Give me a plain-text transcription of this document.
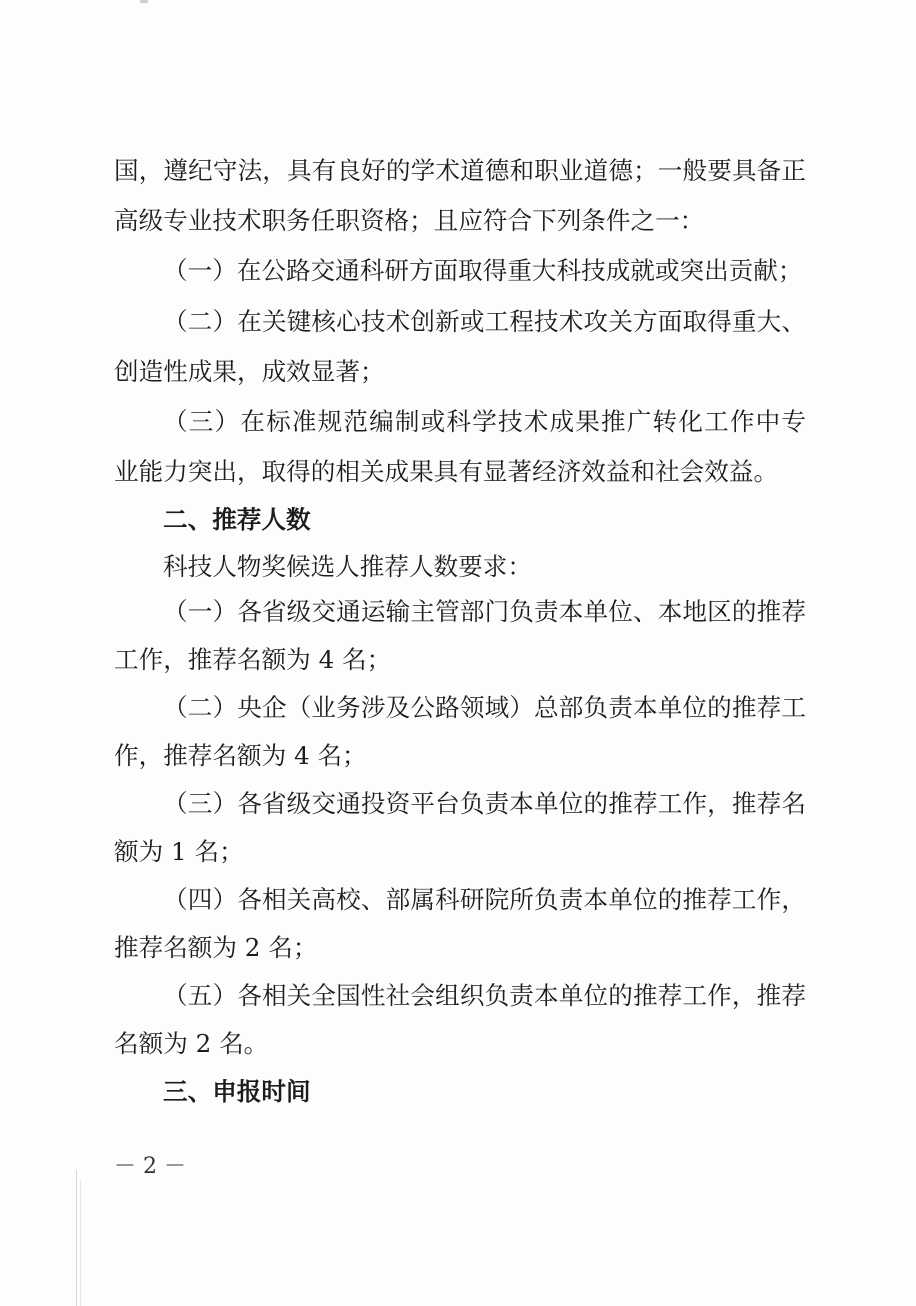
国，遵纪守法，具有良好的学术道德和职业道德；一般要具备正
高级专业技术职务任职资格；且应符合下列条件之一：
（一）在公路交通科研方面取得重大科技成就或突出贡献；
（二）在关键核心技术创新或工程技术攻关方面取得重大、
创造性成果，成效显著；
（三）在标准规范编制或科学技术成果推广转化工作中专
业能力突出，取得的相关成果具有显著经济效益和社会效益。
二、推荐人数
科技人物奖候选人推荐人数要求：
（一）各省级交通运输主管部门负责本单位、本地区的推荐
工作，推荐名额为 4 名；
（二）央企（业务涉及公路领域）总部负责本单位的推荐工
作，推荐名额为 4 名；
（三）各省级交通投资平台负责本单位的推荐工作，推荐名
额为 1 名；
（四）各相关高校、部属科研院所负责本单位的推荐工作，
推荐名额为 2 名；
（五）各相关全国性社会组织负责本单位的推荐工作，推荐
名额为 2 名。
三、申报时间
－ 2 －
